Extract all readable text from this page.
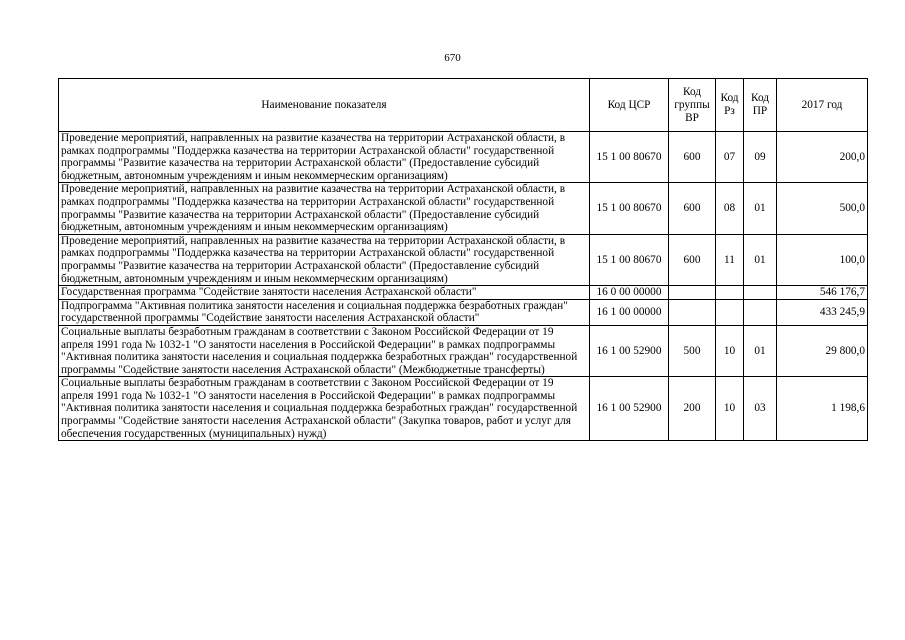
670
Наименование показателя	Код ЦСР	Код группы ВР	Код Рз	Код ПР	2017 год
Проведение мероприятий, направленных на развитие казачества на территории Астраханской области, в рамках подпрограммы "Поддержка казачества на территории Астраханской области" государственной программы "Развитие казачества на территории Астраханской области" (Предоставление субсидий бюджетным, автономным учреждениям и иным некоммерческим организациям)	15 1 00 80670	600	07	09	200,0
Проведение мероприятий, направленных на развитие казачества на территории Астраханской области, в рамках подпрограммы "Поддержка казачества на территории Астраханской области" государственной программы "Развитие казачества на территории Астраханской области" (Предоставление субсидий бюджетным, автономным учреждениям и иным некоммерческим организациям)	15 1 00 80670	600	08	01	500,0
Проведение мероприятий, направленных на развитие казачества на территории Астраханской области, в рамках подпрограммы "Поддержка казачества на территории Астраханской области" государственной программы "Развитие казачества на территории Астраханской области" (Предоставление субсидий бюджетным, автономным учреждениям и иным некоммерческим организациям)	15 1 00 80670	600	11	01	100,0
Государственная программа "Содействие занятости населения Астраханской области"	16 0 00 00000				546 176,7
Подпрограмма "Активная политика занятости населения и социальная поддержка безработных граждан" государственной программы "Содействие занятости населения Астраханской области"	16 1 00 00000				433 245,9
Социальные выплаты безработным гражданам в соответствии с Законом Российской Федерации от 19 апреля 1991 года № 1032-1 "О занятости населения в Российской Федерации" в рамках подпрограммы "Активная политика занятости населения и социальная поддержка безработных граждан" государственной программы "Содействие занятости населения Астраханской области" (Межбюджетные трансферты)	16 1 00 52900	500	10	01	29 800,0
Социальные выплаты безработным гражданам в соответствии с Законом Российской Федерации от 19 апреля 1991 года № 1032-1 "О занятости населения в Российской Федерации" в рамках подпрограммы "Активная политика занятости населения и социальная поддержка безработных граждан" государственной программы "Содействие занятости населения Астраханской области" (Закупка товаров, работ и услуг для обеспечения государственных (муниципальных) нужд)	16 1 00 52900	200	10	03	1 198,6
